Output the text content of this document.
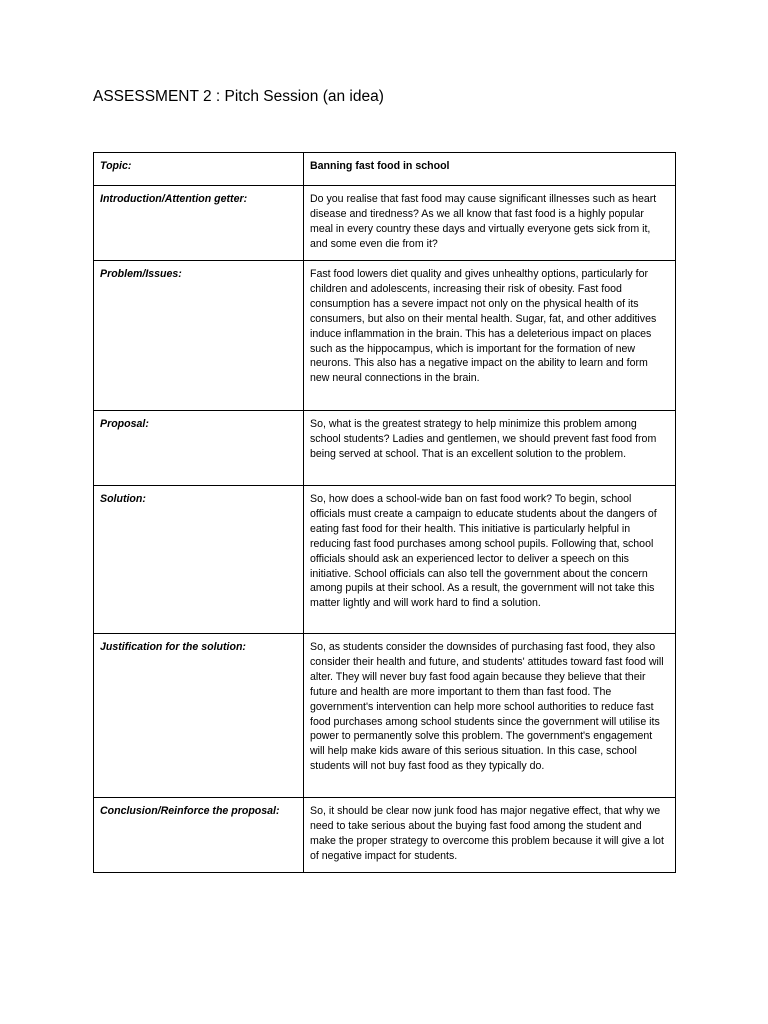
ASSESSMENT 2 : Pitch Session (an idea)
Topic:	Banning fast food in school
Introduction/Attention getter:	Do you realise that fast food may cause significant illnesses such as heart disease and tiredness? As we all know that fast food is a highly popular meal in every country these days and virtually everyone gets sick from it, and some even die from it?
Problem/Issues:	Fast food lowers diet quality and gives unhealthy options, particularly for children and adolescents, increasing their risk of obesity. Fast food consumption has a severe impact not only on the physical health of its consumers, but also on their mental health. Sugar, fat, and other additives induce inflammation in the brain. This has a deleterious impact on places such as the hippocampus, which is important for the formation of new neurons. This also has a negative impact on the ability to learn and form new neural connections in the brain.
Proposal:	So, what is the greatest strategy to help minimize this problem among school students? Ladies and gentlemen, we should prevent fast food from being served at school. That is an excellent solution to the problem.
Solution:	So, how does a school-wide ban on fast food work? To begin, school officials must create a campaign to educate students about the dangers of eating fast food for their health. This initiative is particularly helpful in reducing fast food purchases among school pupils. Following that, school officials should ask an experienced lector to deliver a speech on this initiative. School officials can also tell the government about the concern among pupils at their school. As a result, the government will not take this matter lightly and will work hard to find a solution.
Justification for the solution:	So, as students consider the downsides of purchasing fast food, they also consider their health and future, and students' attitudes toward fast food will alter. They will never buy fast food again because they believe that their future and health are more important to them than fast food. The government's intervention can help more school authorities to reduce fast food purchases among school students since the government will utilise its power to permanently solve this problem. The government's engagement will help make kids aware of this serious situation. In this case, school students will not buy fast food as they typically do.
Conclusion/Reinforce the proposal:	So, it should be clear now junk food has major negative effect, that why we need to take serious about the buying fast food among the student and make the proper strategy to overcome this problem because it will give a lot of negative impact for students.
